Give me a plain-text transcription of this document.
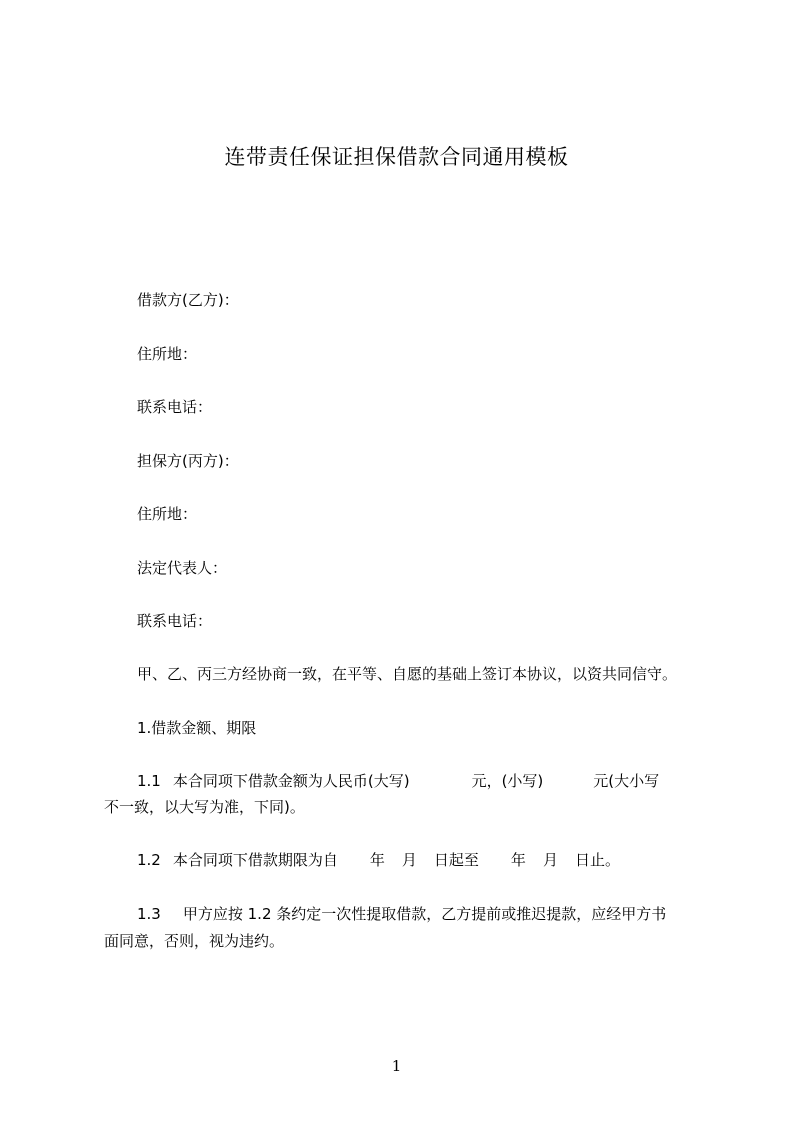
连带责任保证担保借款合同通用模板
借款方(乙方)：
住所地：
联系电话：
担保方(丙方)：
住所地：
法定代表人：
联系电话：
甲、乙、丙三方经协商一致，在平等、自愿的基础上签订本协议，以资共同信守。
1.借款金额、期限
1.1 本合同项下借款金额为人民币(大写)	元，(小写)	元(大小写
不一致，以大写为准，下同)。
1.2 本合同项下借款期限为自 年 月 日起至 年 月 日止。
1.3 甲方应按 1.2 条约定一次性提取借款，乙方提前或推迟提款，应经甲方书
面同意，否则，视为违约。
1
